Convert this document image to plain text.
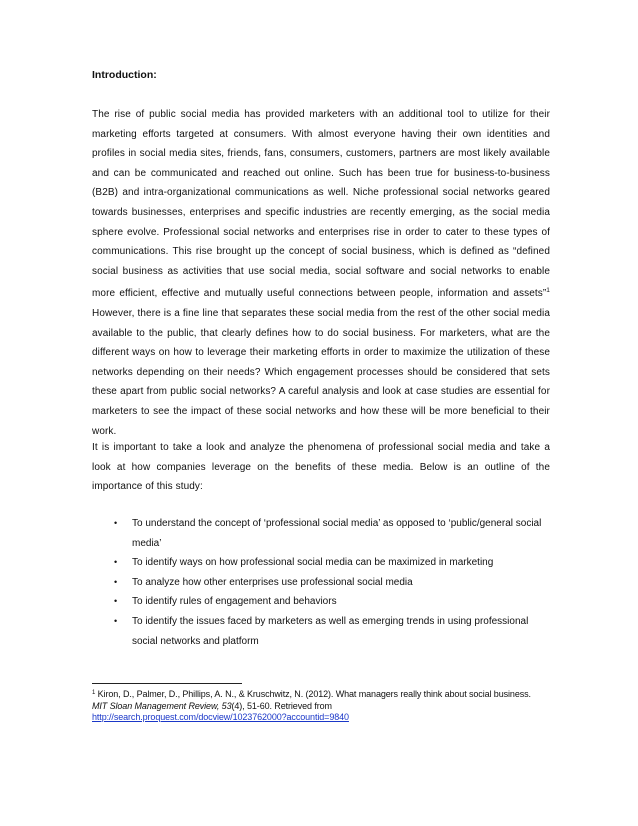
Introduction:

The rise of public social media has provided marketers with an additional tool to utilize for their marketing efforts targeted at consumers. With almost everyone having their own identities and profiles in social media sites, friends, fans, consumers, customers, partners are most likely available and can be communicated and reached out online. Such has been true for business-to-business (B2B) and intra-organizational communications as well. Niche professional social networks geared towards businesses, enterprises and specific industries are recently emerging, as the social media sphere evolve. Professional social networks and enterprises rise in order to cater to these types of communications. This rise brought up the concept of social business, which is defined as “defined social business as activities that use social media, social software and social networks to enable more efficient, effective and mutually useful connections between people, information and assets”$^1$ However, there is a fine line that separates these social media from the rest of the other social media available to the public, that clearly defines how to do social business. For marketers, what are the different ways on how to leverage their marketing efforts in order to maximize the utilization of these networks depending on their needs? Which engagement processes should be considered that sets these apart from public social networks? A careful analysis and look at case studies are essential for marketers to see the impact of these social networks and how these will be more beneficial to their work.

It is important to take a look and analyze the phenomena of professional social media and take a look at how companies leverage on the benefits of these media. Below is an outline of the importance of this study:

• To understand the concept of ‘professional social media’ as opposed to ‘public/general social media’
• To identify ways on how professional social media can be maximized in marketing
• To analyze how other enterprises use professional social media
• To identify rules of engagement and behaviors
• To identify the issues faced by marketers as well as emerging trends in using professional social networks and platform

$^1$ Kiron, D., Palmer, D., Phillips, A. N., & Kruschwitz, N. (2012). What managers really think about social business. MIT Sloan Management Review, 53(4), 51-60. Retrieved from
http://search.proquest.com/docview/1023762000?accountid=9840
